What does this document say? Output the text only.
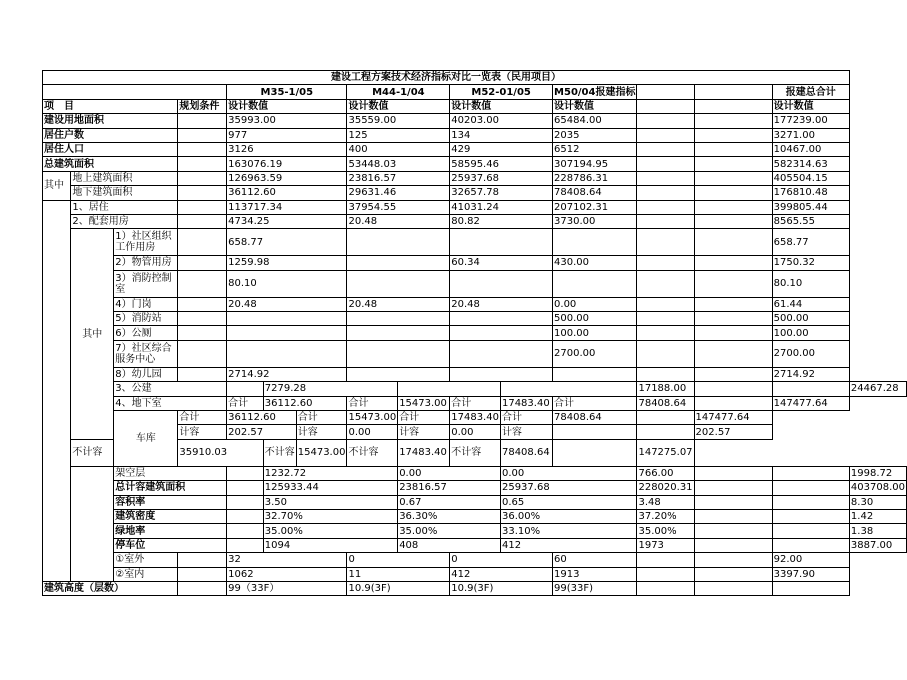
建设工程方案技术经济指标对比一览表（民用项目）															
				M35-1/05			M44-1/04		M52-01/05		M50/04报建指标			报建总合计	
项　目			规划条件	设计数值			设计数值		设计数值		设计数值			设计数值	
建设用地面积				35993.00			35559.00		40203.00		65484.00			177239.00	
居住户数				977			125		134		2035			3271.00	
居住人口				3126			400		429		6512			10467.00	
总建筑面积				163076.19			53448.03		58595.46		307194.95			582314.63	
其中	地上建筑面积			126963.59			23816.57		25937.68		228786.31			405504.15	
	地下建筑面积			36112.60			29631.46		32657.78		78408.64			176810.48	
	1、居住			113717.34			37954.55		41031.24		207102.31			399805.44	
	2、配套用房			4734.25			20.48		80.82		3730.00			8565.55	
	其中	1）社区组织工作用房		658.77										658.77	
		2）物管用房		1259.98					60.34		430.00			1750.32	
		3）消防控制室		80.10										80.10	
		4）门岗		20.48			20.48		20.48		0.00			61.44	
		5）消防站									500.00			500.00	
		6）公厕									100.00			100.00	
		7）社区综合服务中心									2700.00			2700.00	
		8）幼儿园		2714.92										2714.92	
		3、公建			7279.28							17188.00			24467.28
		4、地下室		合计	36112.60		合计	15473.00	合计	17483.40	合计	78408.64		147477.64	
		车库	合计	36112.60		合计	15473.00	合计	17483.40	合计	78408.64		147477.64		
			计容	202.57		计容	0.00	计容	0.00	计容			202.57		
	不计容		35910.03		不计容	15473.00	不计容	17483.40	不计容	78408.64		147275.07			
		架空层			1232.72			0.00		0.00		766.00			1998.72
		总计容建筑面积			125933.44			23816.57		25937.68		228020.31			403708.00
		容积率			3.50			0.67		0.65		3.48			8.30
		建筑密度			32.70%			36.30%		36.00%		37.20%			1.42
		绿地率			35.00%			35.00%		33.10%		35.00%			1.38
		停车位			1094			408		412		1973			3887.00
		①室外		32			0		0		60			92.00	
		②室内		1062			11		412		1913			3397.90	
建筑高度（层数）				99（33F）			10.9(3F)		10.9(3F)		99(33F)				
